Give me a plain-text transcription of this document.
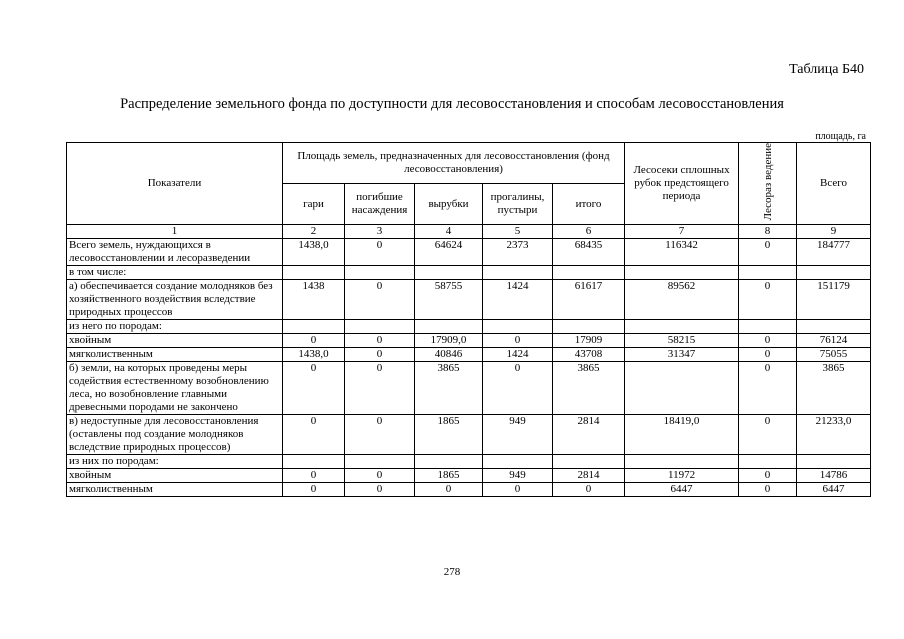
Таблица Б40
Распределение земельного фонда по доступности для лесовосстановления и способам лесовосстановления
площадь, га
Показатели	Площадь земель, предназначенных для лесовосстановления (фонд лесовосстановления)					Лесосеки сплошных рубок предстоящего периода	Лесораз ведение	Всего
	гари	погибшие насаждения	вырубки	прогалины, пустыри	итого			
1	2	3	4	5	6	7	8	9
Всего земель, нуждающихся в лесовосстановлении и лесоразведении	1438,0	0	64624	2373	68435	116342	0	184777
в том числе:								
а) обеспечивается создание молодняков без хозяйственного воздействия вследствие природных процессов	1438	0	58755	1424	61617	89562	0	151179
из него по породам:								
хвойным	0	0	17909,0	0	17909	58215	0	76124
мягколиственным	1438,0	0	40846	1424	43708	31347	0	75055
б) земли, на которых проведены меры содействия естественному возобновлению леса, но возобновление главными древесными породами не закончено	0	0	3865	0	3865		0	3865
в) недоступные для лесовосстановления (оставлены под создание молодняков вследствие природных процессов)	0	0	1865	949	2814	18419,0	0	21233,0
из них по породам:								
хвойным	0	0	1865	949	2814	11972	0	14786
мягколиственным	0	0	0	0	0	6447	0	6447
278
